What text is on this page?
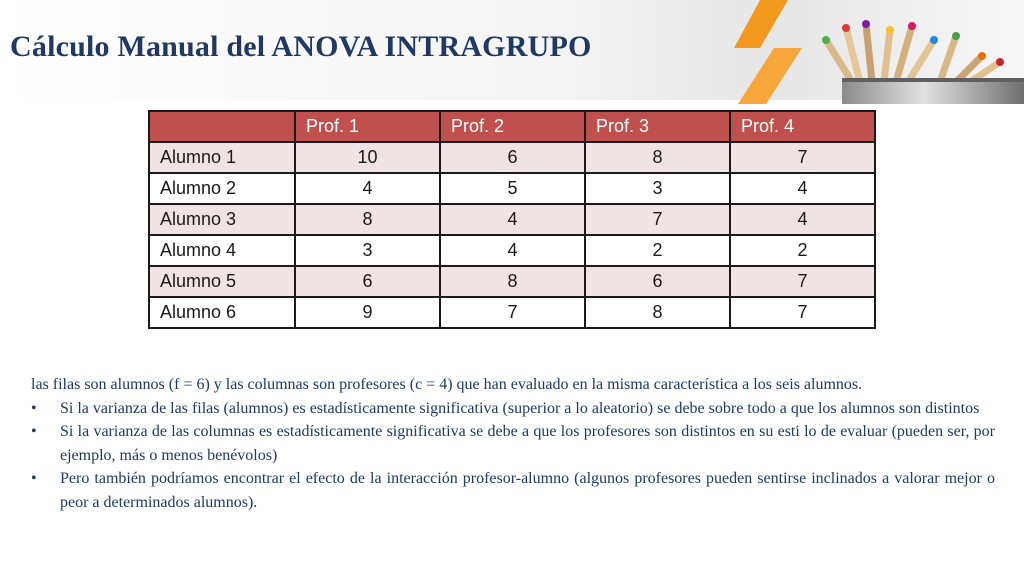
Cálculo Manual del ANOVA INTRAGRUPO
	Prof. 1	Prof. 2	Prof. 3	Prof. 4
Alumno 1	10	6	8	7
Alumno 2	4	5	3	4
Alumno 3	8	4	7	4
Alumno 4	3	4	2	2
Alumno 5	6	8	6	7
Alumno 6	9	7	8	7

las filas son alumnos (f = 6) y las columnas son profesores (c = 4) que han evaluado en la misma característica a los seis alumnos.

• Si la varianza de las filas (alumnos) es estadísticamente significativa (superior a lo aleatorio) se debe sobre todo a que los alumnos son distintos
• Si la varianza de las columnas es estadísticamente significativa se debe a que los profesores son distintos en su esti lo de evaluar (pueden ser, por ejemplo, más o menos benévolos)
• Pero también podríamos encontrar el efecto de la interacción profesor-alumno (algunos profesores pueden sentirse inclinados a valorar mejor o peor a determinados alumnos).
